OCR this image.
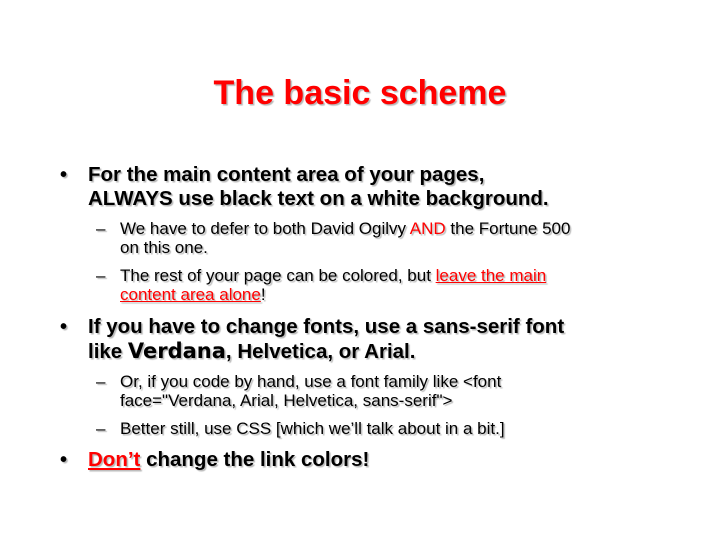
The basic scheme
• For the main content area of your pages,
ALWAYS use black text on a white background.
– We have to defer to both David Ogilvy AND the Fortune 500
on this one.
– The rest of your page can be colored, but leave the main
content area alone!
• If you have to change fonts, use a sans-serif font
like Verdana, Helvetica, or Arial.
– Or, if you code by hand, use a font family like <font
face="Verdana, Arial, Helvetica, sans-serif">
– Better still, use CSS [which we’ll talk about in a bit.]
• Don’t change the link colors!
